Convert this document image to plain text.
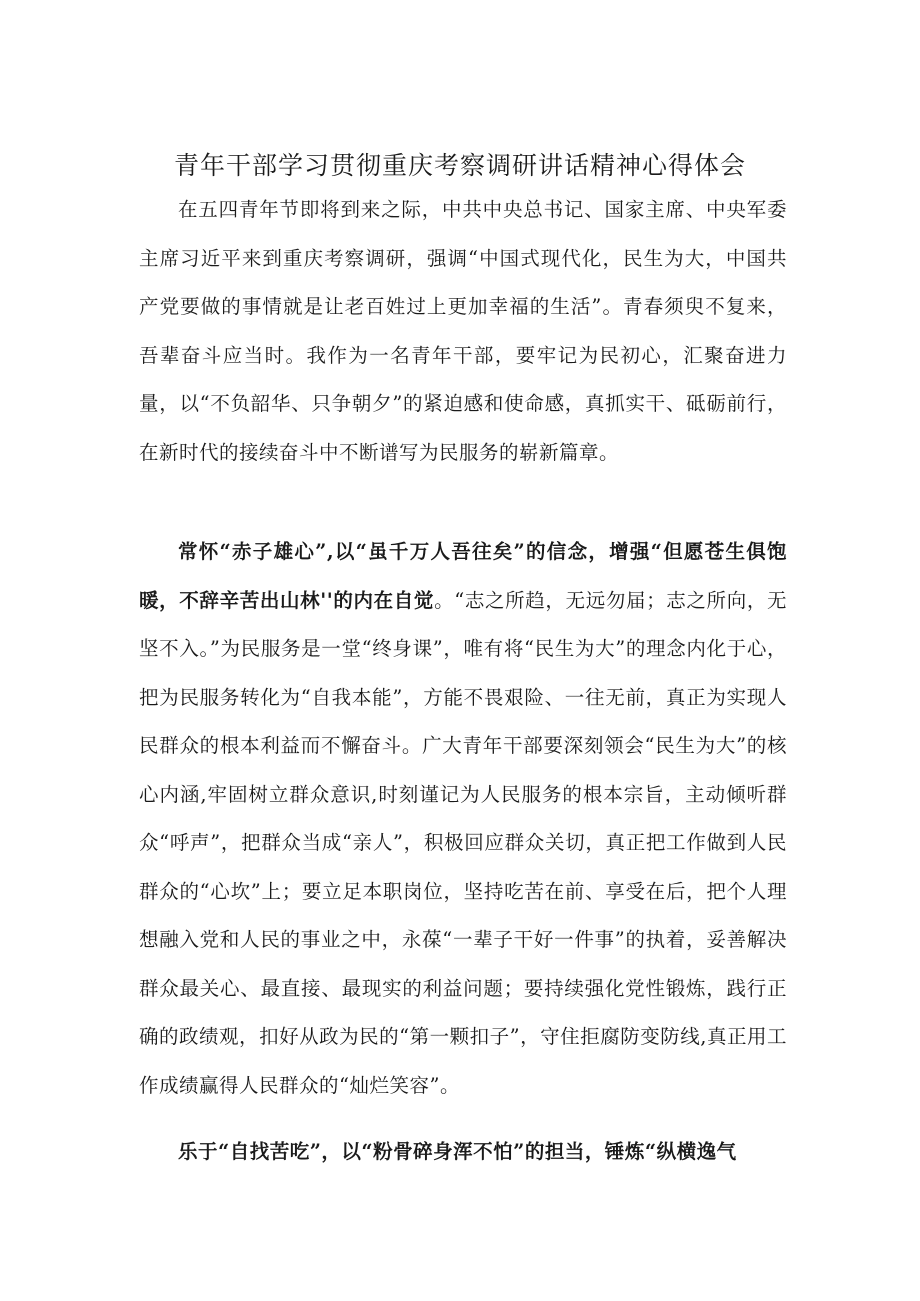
青年干部学习贯彻重庆考察调研讲话精神心得体会

在五四青年节即将到来之际，中共中央总书记、国家主席、中央军委主席习近平来到重庆考察调研，强调“中国式现代化，民生为大，中国共产党要做的事情就是让老百姓过上更加幸福的生活”。青春须臾不复来，吾辈奋斗应当时。我作为一名青年干部，要牢记为民初心，汇聚奋进力量，以“不负韶华、只争朝夕”的紧迫感和使命感，真抓实干、砥砺前行，在新时代的接续奋斗中不断谱写为民服务的崭新篇章。

常怀“赤子雄心”,以“虽千万人吾往矣”的信念，增强“但愿苍生俱饱暖，不辞辛苦出山林''的内在自觉。“志之所趋，无远勿届；志之所向，无坚不入。”为民服务是一堂“终身课”，唯有将“民生为大”的理念内化于心，把为民服务转化为“自我本能”，方能不畏艰险、一往无前，真正为实现人民群众的根本利益而不懈奋斗。广大青年干部要深刻领会“民生为大”的核心内涵,牢固树立群众意识,时刻谨记为人民服务的根本宗旨，主动倾听群众“呼声”，把群众当成“亲人”，积极回应群众关切，真正把工作做到人民群众的“心坎”上；要立足本职岗位，坚持吃苦在前、享受在后，把个人理想融入党和人民的事业之中，永葆“一辈子干好一件事”的执着，妥善解决群众最关心、最直接、最现实的利益问题；要持续强化党性锻炼，践行正确的政绩观，扣好从政为民的“第一颗扣子”，守住拒腐防变防线,真正用工作成绩赢得人民群众的“灿烂笑容”。

乐于“自找苦吃”，以“粉骨碎身浑不怕”的担当，锤炼“纵横逸气
